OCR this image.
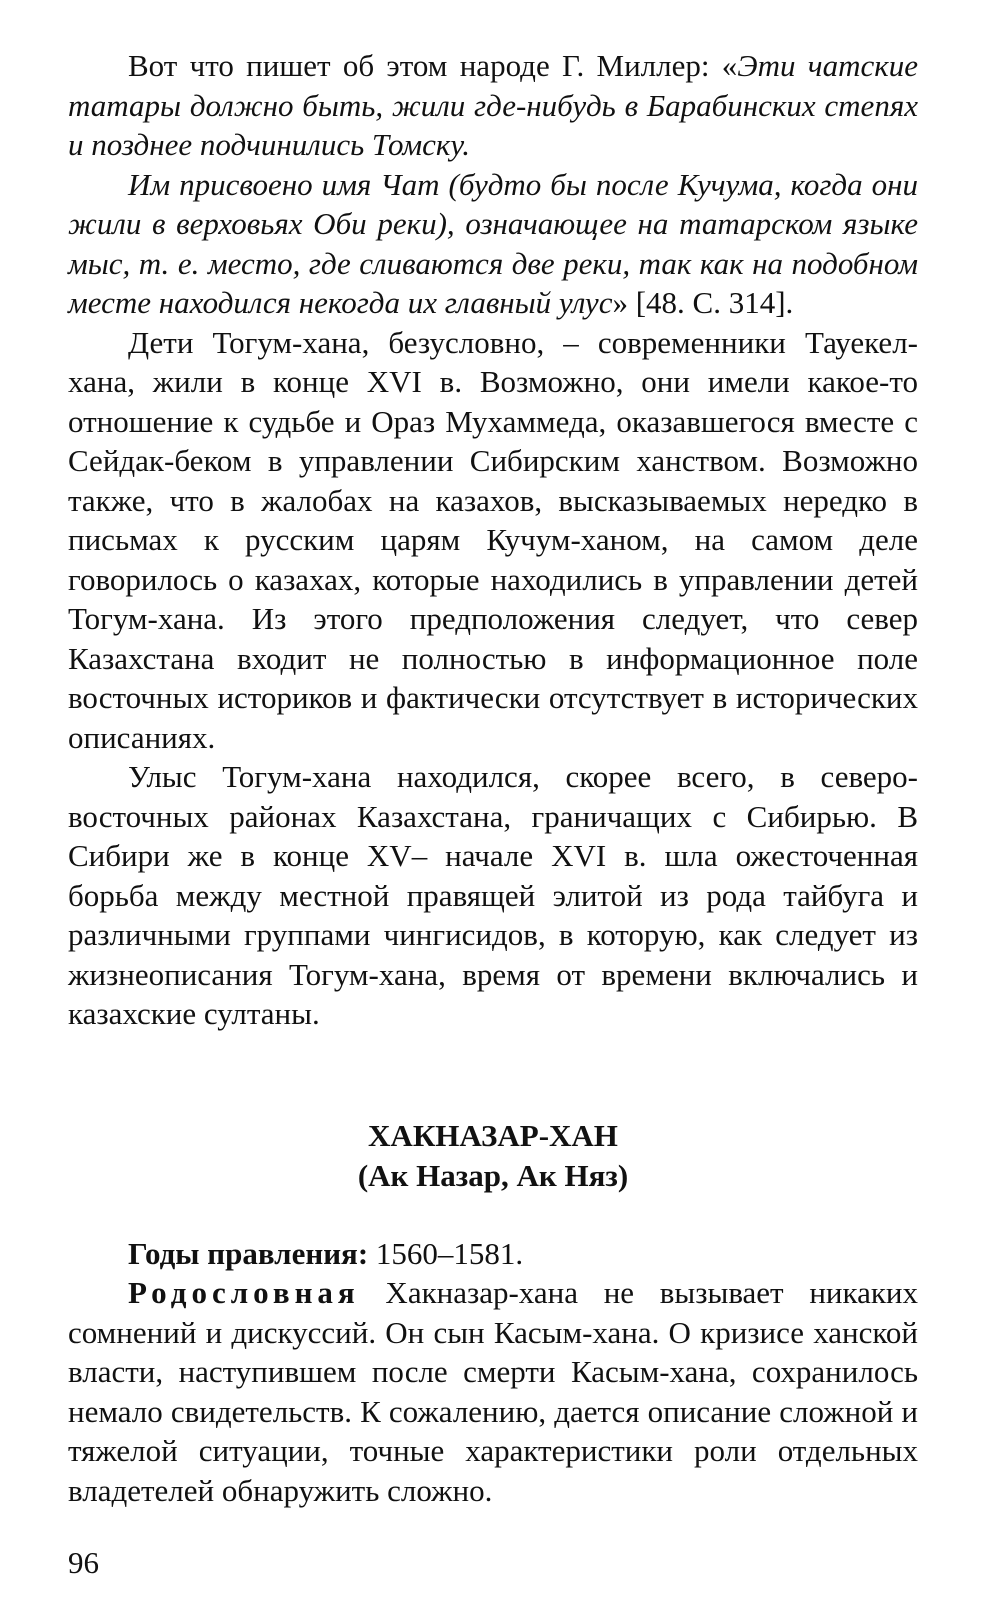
Вот что пишет об этом народе Г. Миллер: «Эти чатские татары должно быть, жили где-нибудь в Барабинских степях и позднее подчинились Томску.

Им присвоено имя Чат (будто бы после Кучума, когда они жили в верховьях Оби реки), означающее на татарском языке мыс, т. е. место, где сливаются две реки, так как на подобном месте находился некогда их главный улус» [48. С. 314].

Дети Тогум-хана, безусловно, – современники Тауекел-хана, жили в конце XVI в. Возможно, они имели какое-то отношение к судьбе и Ораз Мухаммеда, оказавшегося вместе с Сейдак-беком в управлении Сибирским ханством. Возможно также, что в жалобах на казахов, высказываемых нередко в письмах к русским царям Кучум-ханом, на самом деле говорилось о казахах, которые находились в управлении детей Тогум-хана. Из этого предположения следует, что север Казахстана входит не полностью в информационное поле восточных историков и фактически отсутствует в исторических описаниях.

Улыс Тогум-хана находился, скорее всего, в северо-восточных районах Казахстана, граничащих с Сибирью. В Сибири же в конце XV– начале XVI в. шла ожесточенная борьба между местной правящей элитой из рода тайбуга и различными группами чингисидов, в которую, как следует из жизнеописания Тогум-хана, время от времени включались и казахские султаны.

ХАКНАЗАР-ХАН
(Ак Назар, Ак Няз)

Годы правления: 1560–1581.

Родословная Хакназар-хана не вызывает никаких сомнений и дискуссий. Он сын Касым-хана. О кризисе ханской власти, наступившем после смерти Касым-хана, сохранилось немало свидетельств. К сожалению, дается описание сложной и тяжелой ситуации, точные характеристики роли отдельных владетелей обнаружить сложно.

96
